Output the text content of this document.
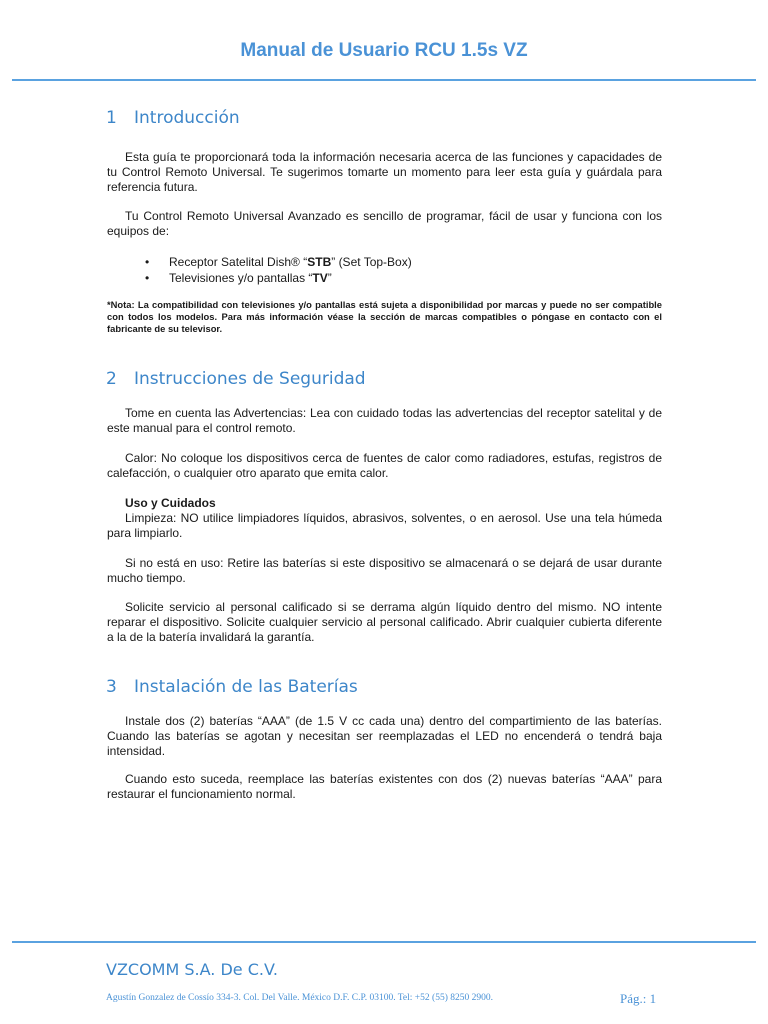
Manual de Usuario RCU 1.5s VZ
1 Introducción

Esta guía te proporcionará toda la información necesaria acerca de las funciones y capacidades de tu Control Remoto Universal. Te sugerimos tomarte un momento para leer esta guía y guárdala para referencia futura.

Tu Control Remoto Universal Avanzado es sencillo de programar, fácil de usar y funciona con los equipos de:

• Receptor Satelital Dish® “STB” (Set Top-Box)
• Televisiones y/o pantallas “TV”

*Nota: La compatibilidad con televisiones y/o pantallas está sujeta a disponibilidad por marcas y puede no ser compatible con todos los modelos. Para más información véase la sección de marcas compatibles o póngase en contacto con el fabricante de su televisor.

2 Instrucciones de Seguridad

Tome en cuenta las Advertencias: Lea con cuidado todas las advertencias del receptor satelital y de este manual para el control remoto.

Calor: No coloque los dispositivos cerca de fuentes de calor como radiadores, estufas, registros de calefacción, o cualquier otro aparato que emita calor.

Uso y Cuidados

Limpieza: NO utilice limpiadores líquidos, abrasivos, solventes, o en aerosol. Use una tela húmeda para limpiarlo.

Si no está en uso: Retire las baterías si este dispositivo se almacenará o se dejará de usar durante mucho tiempo.

Solicite servicio al personal calificado si se derrama algún líquido dentro del mismo. NO intente reparar el dispositivo. Solicite cualquier servicio al personal calificado. Abrir cualquier cubierta diferente a la de la batería invalidará la garantía.

3 Instalación de las Baterías

Instale dos (2) baterías “AAA” (de 1.5 V cc cada una) dentro del compartimiento de las baterías. Cuando las baterías se agotan y necesitan ser reemplazadas el LED no encenderá o tendrá baja intensidad.

Cuando esto suceda, reemplace las baterías existentes con dos (2) nuevas baterías “AAA” para restaurar el funcionamiento normal.

VZCOMM S.A. De C.V.
Agustín Gonzalez de Cossío 334-3. Col. Del Valle. México D.F. C.P. 03100. Tel: +52 (55) 8250 2900.	Pág.: 1
